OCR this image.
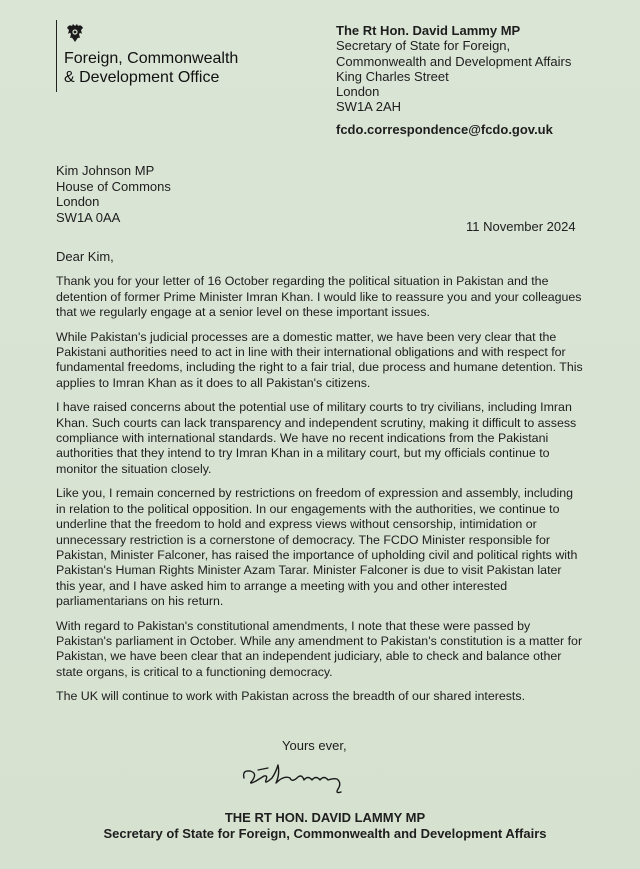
Foreign, Commonwealth
& Development Office
The Rt Hon. David Lammy MP
Secretary of State for Foreign,
Commonwealth and Development Affairs
King Charles Street
London
SW1A 2AH
fcdo.correspondence@fcdo.gov.uk
Kim Johnson MP
House of Commons
London
SW1A 0AA
11 November 2024

Dear Kim,

Thank you for your letter of 16 October regarding the political situation in Pakistan and the detention of former Prime Minister Imran Khan. I would like to reassure you and your colleagues that we regularly engage at a senior level on these important issues.

While Pakistan's judicial processes are a domestic matter, we have been very clear that the Pakistani authorities need to act in line with their international obligations and with respect for fundamental freedoms, including the right to a fair trial, due process and humane detention. This applies to Imran Khan as it does to all Pakistan's citizens.

I have raised concerns about the potential use of military courts to try civilians, including Imran Khan. Such courts can lack transparency and independent scrutiny, making it difficult to assess compliance with international standards. We have no recent indications from the Pakistani authorities that they intend to try Imran Khan in a military court, but my officials continue to monitor the situation closely.

Like you, I remain concerned by restrictions on freedom of expression and assembly, including in relation to the political opposition. In our engagements with the authorities, we continue to underline that the freedom to hold and express views without censorship, intimidation or unnecessary restriction is a cornerstone of democracy. The FCDO Minister responsible for Pakistan, Minister Falconer, has raised the importance of upholding civil and political rights with Pakistan's Human Rights Minister Azam Tarar. Minister Falconer is due to visit Pakistan later this year, and I have asked him to arrange a meeting with you and other interested parliamentarians on his return.

With regard to Pakistan's constitutional amendments, I note that these were passed by Pakistan's parliament in October. While any amendment to Pakistan's constitution is a matter for Pakistan, we have been clear that an independent judiciary, able to check and balance other state organs, is critical to a functioning democracy.

The UK will continue to work with Pakistan across the breadth of our shared interests.

Yours ever,
THE RT HON. DAVID LAMMY MP
Secretary of State for Foreign, Commonwealth and Development Affairs
